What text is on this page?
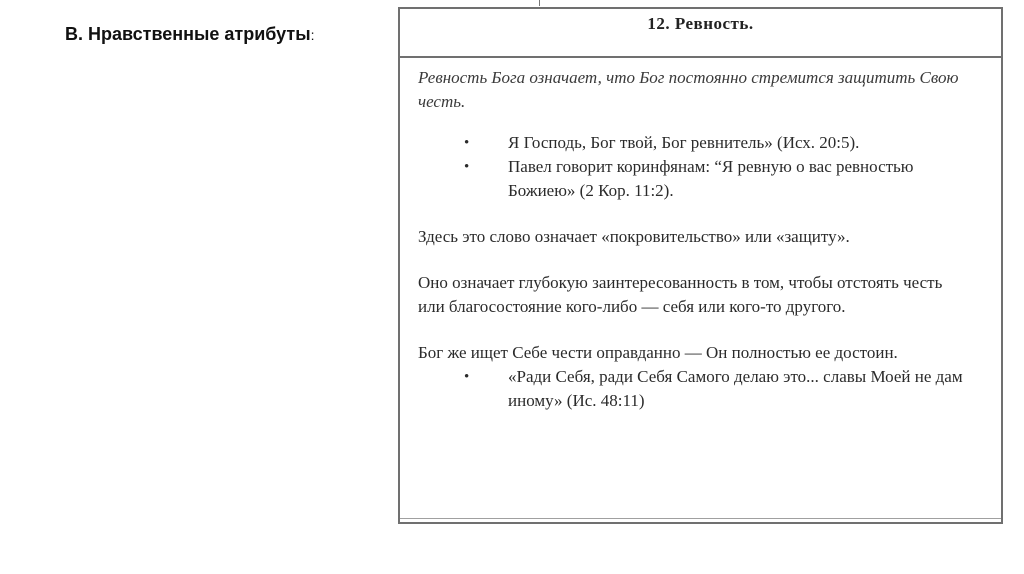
В. Нравственные атрибуты:
12. Ревность.

Ревность Бога означает, что Бог постоянно стремится защитить Свою честь.

• Я Господь, Бог твой, Бог ревнитель» (Исх. 20:5).
• Павел говорит коринфянам: “Я ревную о вас ревностью Божиею» (2 Кор. 11:2).

Здесь это слово означает «покровительство» или «защиту».

Оно означает глубокую заинтересованность в том, чтобы отстоять честь или благосостояние кого-либо — себя или кого-то другого.

Бог же ищет Себе чести оправданно — Он полностью ее достоин.

• «Ради Себя, ради Себя Самого делаю это... славы Моей не дам иному» (Ис. 48:11)
